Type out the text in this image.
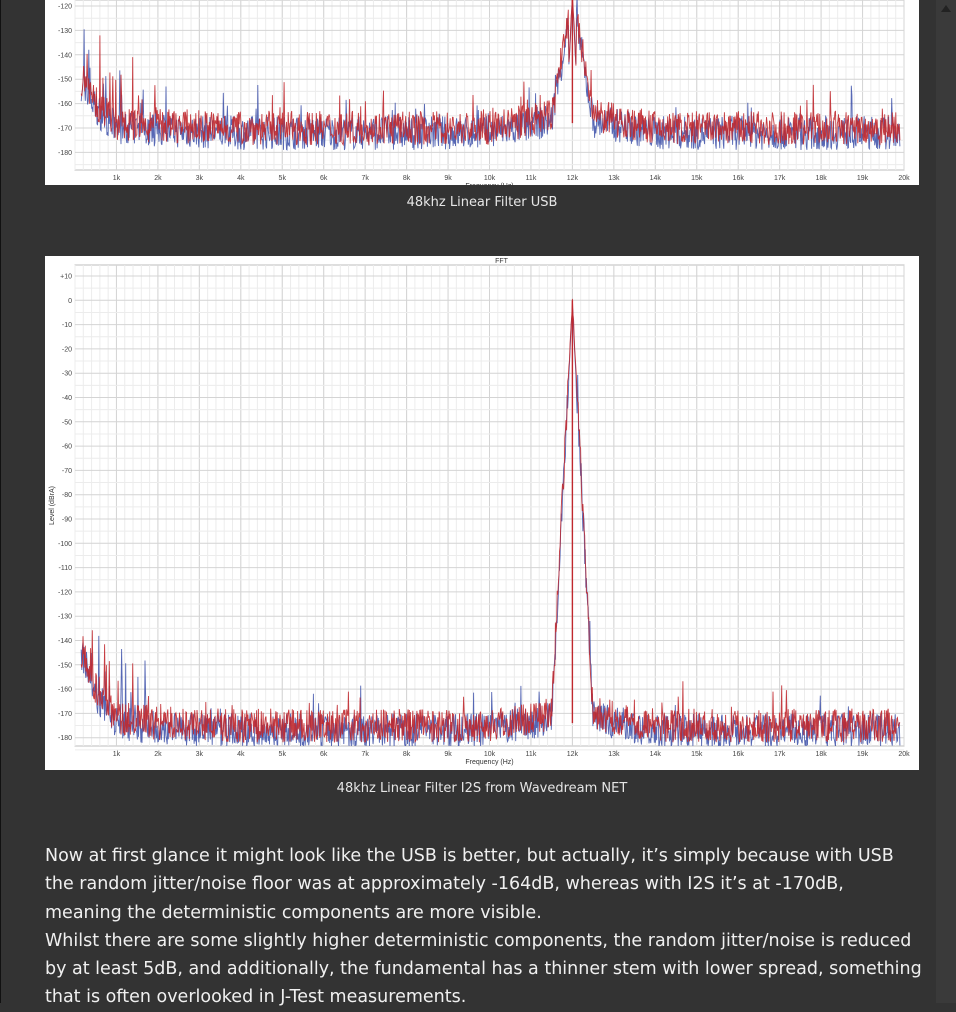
1k	2k	3k	4k	5k	6k	7k	8k	9k	10k	11k	12k	13k	14k	15k	16k	17k	18k	19k	20k
-120
-130
-140
-150
-160
-170
-180
Frequency (Hz)
48khz Linear Filter USB
1k	2k	3k	4k	5k	6k	7k	8k	9k	10k	11k	12k	13k	14k	15k	16k	17k	18k	19k	20k
+10
0
-10
-20
-30
-40
-50
-60
-70
-80
-90
-100
-110
-120
-130
-140
-150
-160
-170
-180
Frequency (Hz)
FFT
Level (dBrA)
48khz Linear Filter I2S from Wavedream NET

Now at first glance it might look like the USB is better, but actually, it’s simply because with USB the random jitter/noise floor was at approximately -164dB, whereas with I2S it’s at -170dB, meaning the deterministic components are more visible.

Whilst there are some slightly higher deterministic components, the random jitter/noise is reduced by at least 5dB, and additionally, the fundamental has a thinner stem with lower spread, something that is often overlooked in J-Test measurements.
